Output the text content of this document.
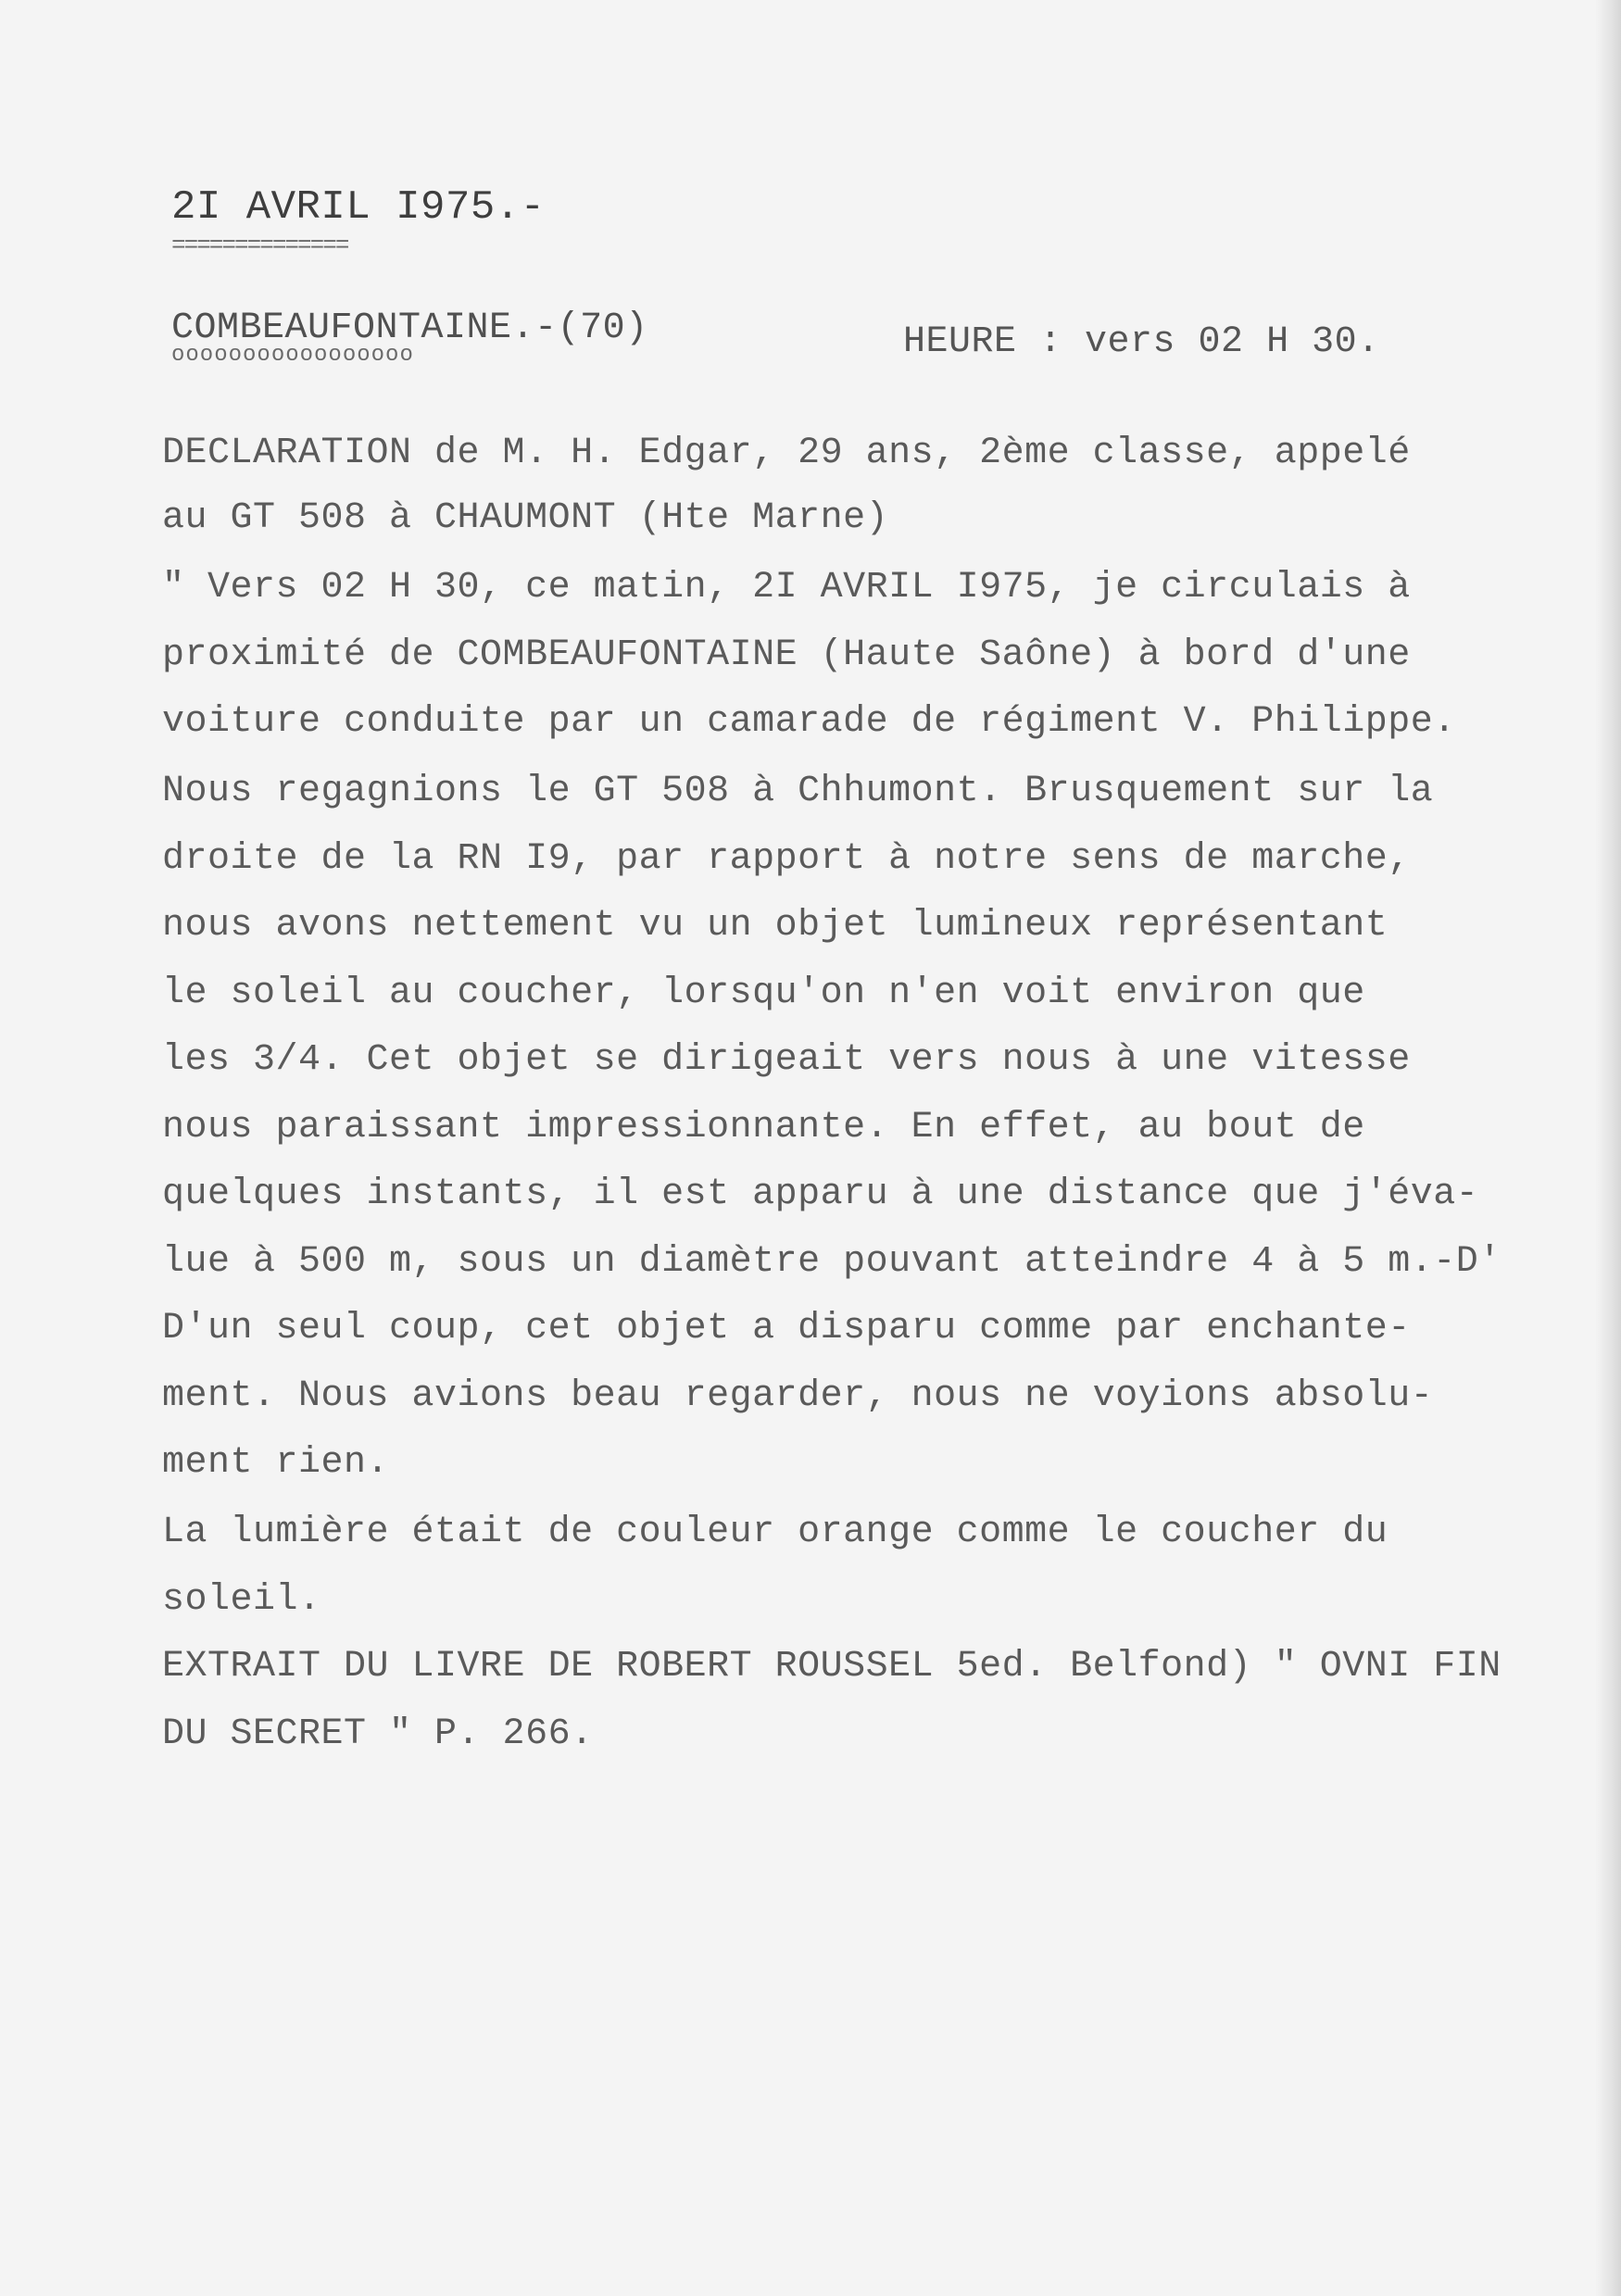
2I AVRIL I975.-
==============
COMBEAUFONTAINE.-(70)
ooooooooooooooooo	HEURE : vers 02 H 30.
DECLARATION de M. H. Edgar, 29 ans, 2ème classe, appelé
au GT 508 à CHAUMONT (Hte Marne)
" Vers 02 H 30, ce matin, 2I AVRIL I975, je circulais à
proximité de COMBEAUFONTAINE (Haute Saône) à bord d'une
voiture conduite par un camarade de régiment V. Philippe.
Nous regagnions le GT 508 à Chhumont. Brusquement sur la
droite de la RN I9, par rapport à notre sens de marche,
nous avons nettement vu un objet lumineux représentant
le soleil au coucher, lorsqu'on n'en voit environ que
les 3/4. Cet objet se dirigeait vers nous à une vitesse
nous paraissant impressionnante. En effet, au bout de
quelques instants, il est apparu à une distance que j'éva-
lue à 500 m, sous un diamètre pouvant atteindre 4 à 5 m.-D'
D'un seul coup, cet objet a disparu comme par enchante-
ment. Nous avions beau regarder, nous ne voyions absolu-
ment rien.
La lumière était de couleur orange comme le coucher du
soleil.
EXTRAIT DU LIVRE DE ROBERT ROUSSEL 5ed. Belfond) " OVNI FIN
DU SECRET " P. 266.
